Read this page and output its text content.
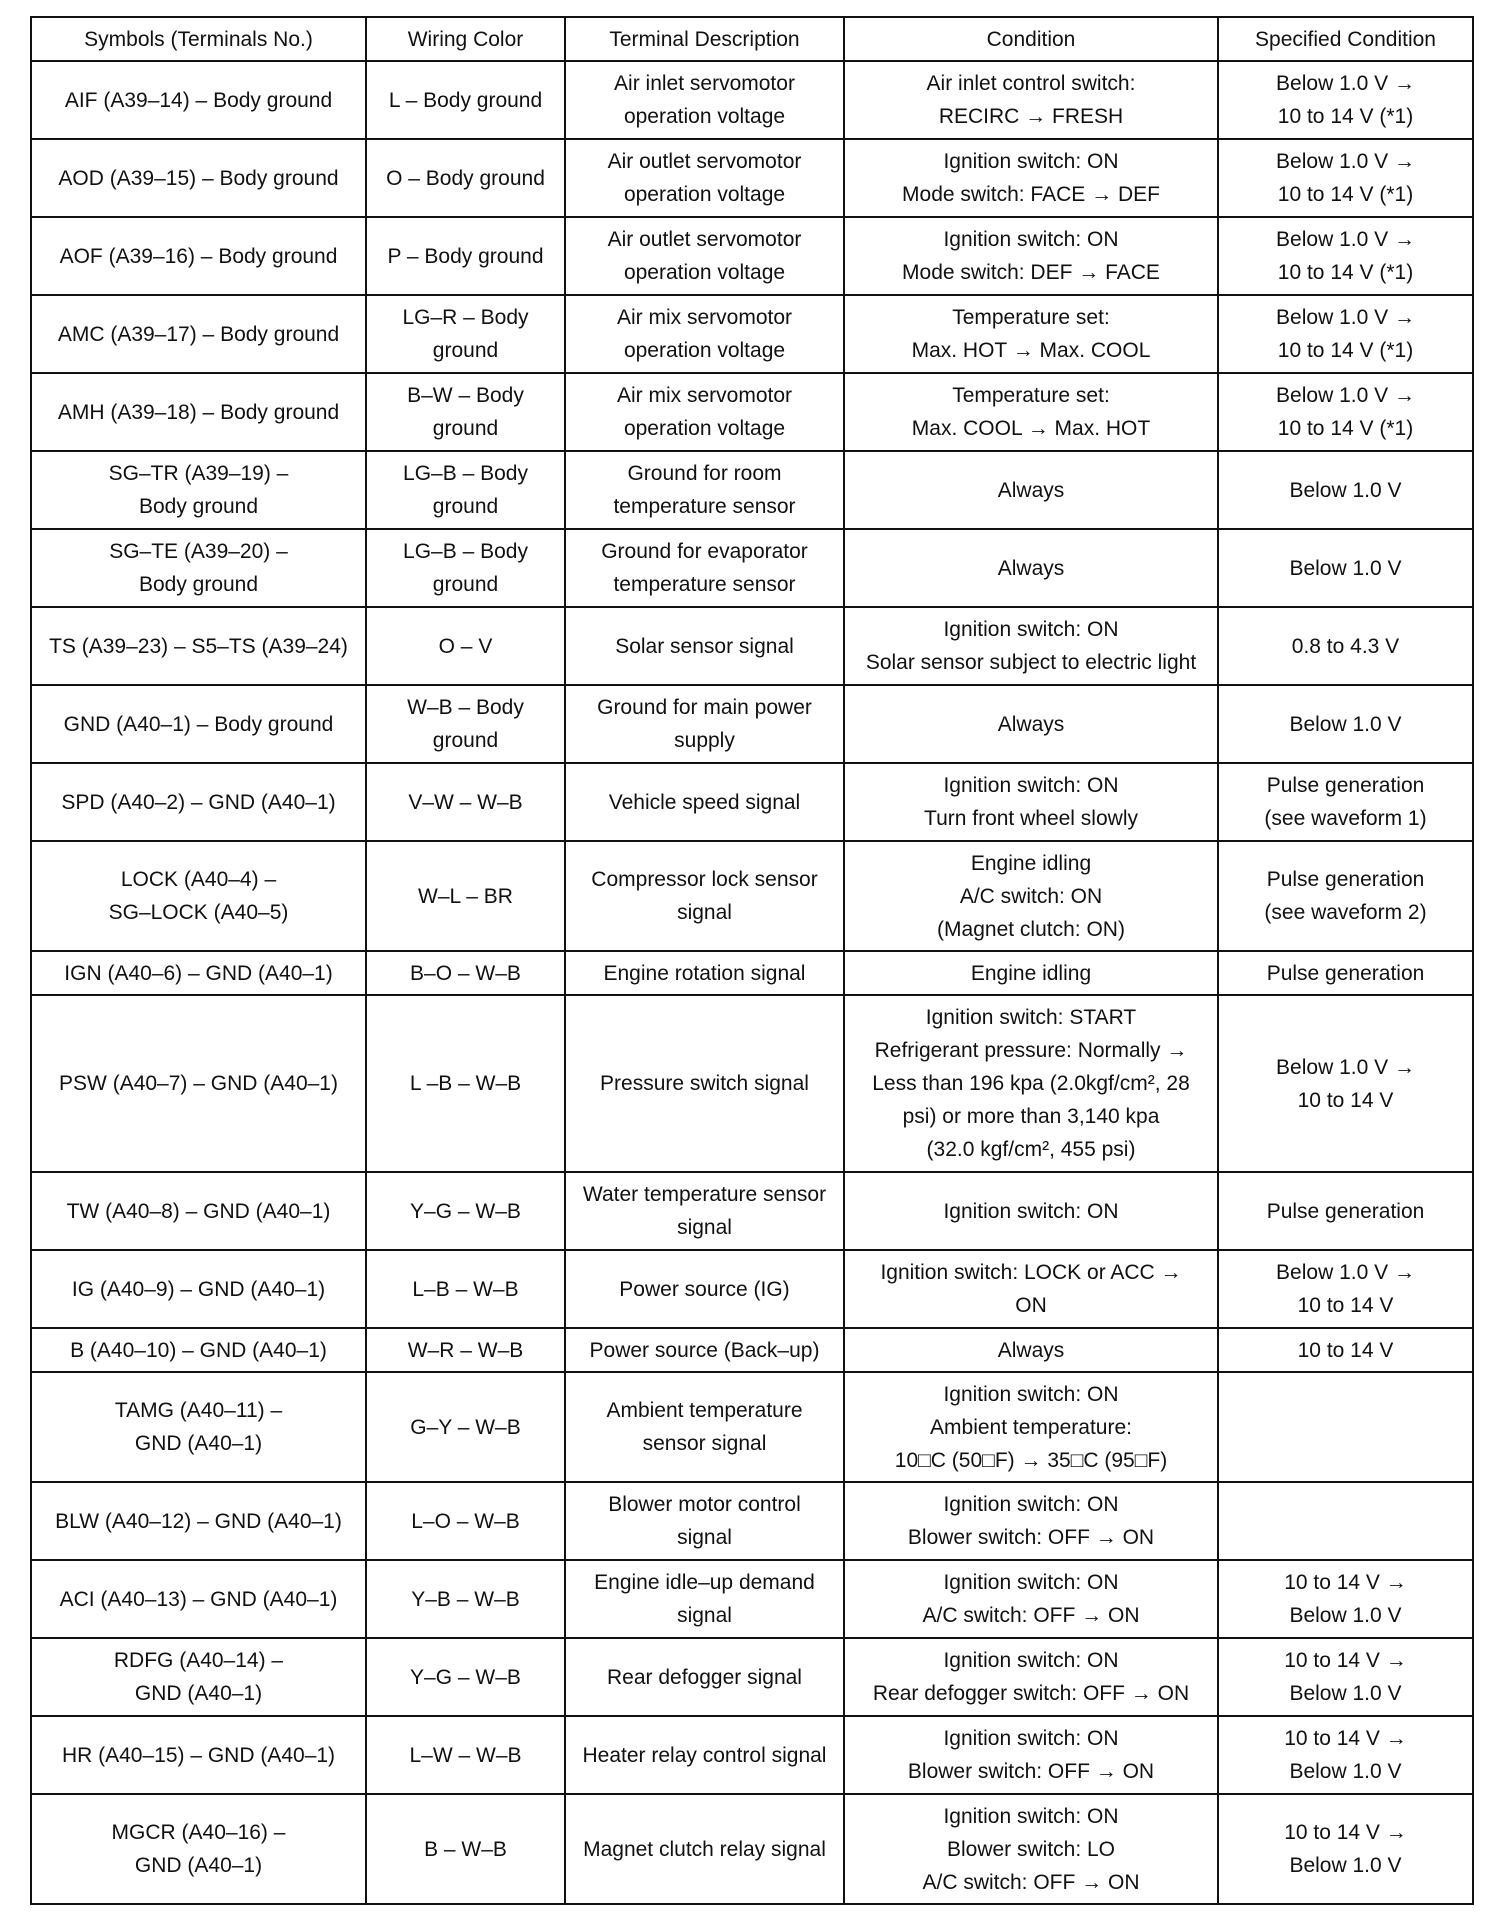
Symbols (Terminals No.)	Wiring Color	Terminal Description	Condition	Specified Condition

AIF (A39–14) – Body ground	L – Body ground	Air inlet servomotor
operation voltage	Air inlet control switch:
RECIRC → FRESH	Below 1.0 V →
10 to 14 V (*1)

AOD (A39–15) – Body ground	O – Body ground	Air outlet servomotor
operation voltage	Ignition switch: ON
Mode switch: FACE → DEF	Below 1.0 V →
10 to 14 V (*1)

AOF (A39–16) – Body ground	P – Body ground	Air outlet servomotor
operation voltage	Ignition switch: ON
Mode switch: DEF → FACE	Below 1.0 V →
10 to 14 V (*1)

AMC (A39–17) – Body ground	LG–R – Body
ground	Air mix servomotor
operation voltage	Temperature set:
Max. HOT → Max. COOL	Below 1.0 V →
10 to 14 V (*1)

AMH (A39–18) – Body ground	B–W – Body
ground	Air mix servomotor
operation voltage	Temperature set:
Max. COOL → Max. HOT	Below 1.0 V →
10 to 14 V (*1)

SG–TR (A39–19) –
Body ground	LG–B – Body
ground	Ground for room
temperature sensor	Always	Below 1.0 V

SG–TE (A39–20) –
Body ground	LG–B – Body
ground	Ground for evaporator
temperature sensor	Always	Below 1.0 V

TS (A39–23) – S5–TS (A39–24)	O – V	Solar sensor signal	Ignition switch: ON
Solar sensor subject to electric light	0.8 to 4.3 V

GND (A40–1) – Body ground	W–B – Body
ground	Ground for main power
supply	Always	Below 1.0 V

SPD (A40–2) – GND (A40–1)	V–W – W–B	Vehicle speed signal	Ignition switch: ON
Turn front wheel slowly	Pulse generation
(see waveform 1)

LOCK (A40–4) –
SG–LOCK (A40–5)	W–L – BR	Compressor lock sensor
signal	Engine idling
A/C switch: ON
(Magnet clutch: ON)	Pulse generation
(see waveform 2)

IGN (A40–6) – GND (A40–1)	B–O – W–B	Engine rotation signal	Engine idling	Pulse generation

PSW (A40–7) – GND (A40–1)	L –B – W–B	Pressure switch signal	Ignition switch: START
Refrigerant pressure: Normally →
Less than 196 kpa (2.0kgf/cm², 28
psi) or more than 3,140 kpa
(32.0 kgf/cm², 455 psi)	Below 1.0 V →
10 to 14 V

TW (A40–8) – GND (A40–1)	Y–G – W–B	Water temperature sensor
signal	Ignition switch: ON	Pulse generation

IG (A40–9) – GND (A40–1)	L–B – W–B	Power source (IG)	Ignition switch: LOCK or ACC →
ON	Below 1.0 V →
10 to 14 V

B (A40–10) – GND (A40–1)	W–R – W–B	Power source (Back–up)	Always	10 to 14 V

TAMG (A40–11) –
GND (A40–1)	G–Y – W–B	Ambient temperature
sensor signal	Ignition switch: ON
Ambient temperature:
10□C (50□F) → 35□C (95□F)	

BLW (A40–12) – GND (A40–1)	L–O – W–B	Blower motor control
signal	Ignition switch: ON
Blower switch: OFF → ON	

ACI (A40–13) – GND (A40–1)	Y–B – W–B	Engine idle–up demand
signal	Ignition switch: ON
A/C switch: OFF → ON	10 to 14 V →
Below 1.0 V

RDFG (A40–14) –
GND (A40–1)	Y–G – W–B	Rear defogger signal	Ignition switch: ON
Rear defogger switch: OFF → ON	10 to 14 V →
Below 1.0 V

HR (A40–15) – GND (A40–1)	L–W – W–B	Heater relay control signal	Ignition switch: ON
Blower switch: OFF → ON	10 to 14 V →
Below 1.0 V

MGCR (A40–16) –
GND (A40–1)	B – W–B	Magnet clutch relay signal	Ignition switch: ON
Blower switch: LO
A/C switch: OFF → ON	10 to 14 V →
Below 1.0 V
